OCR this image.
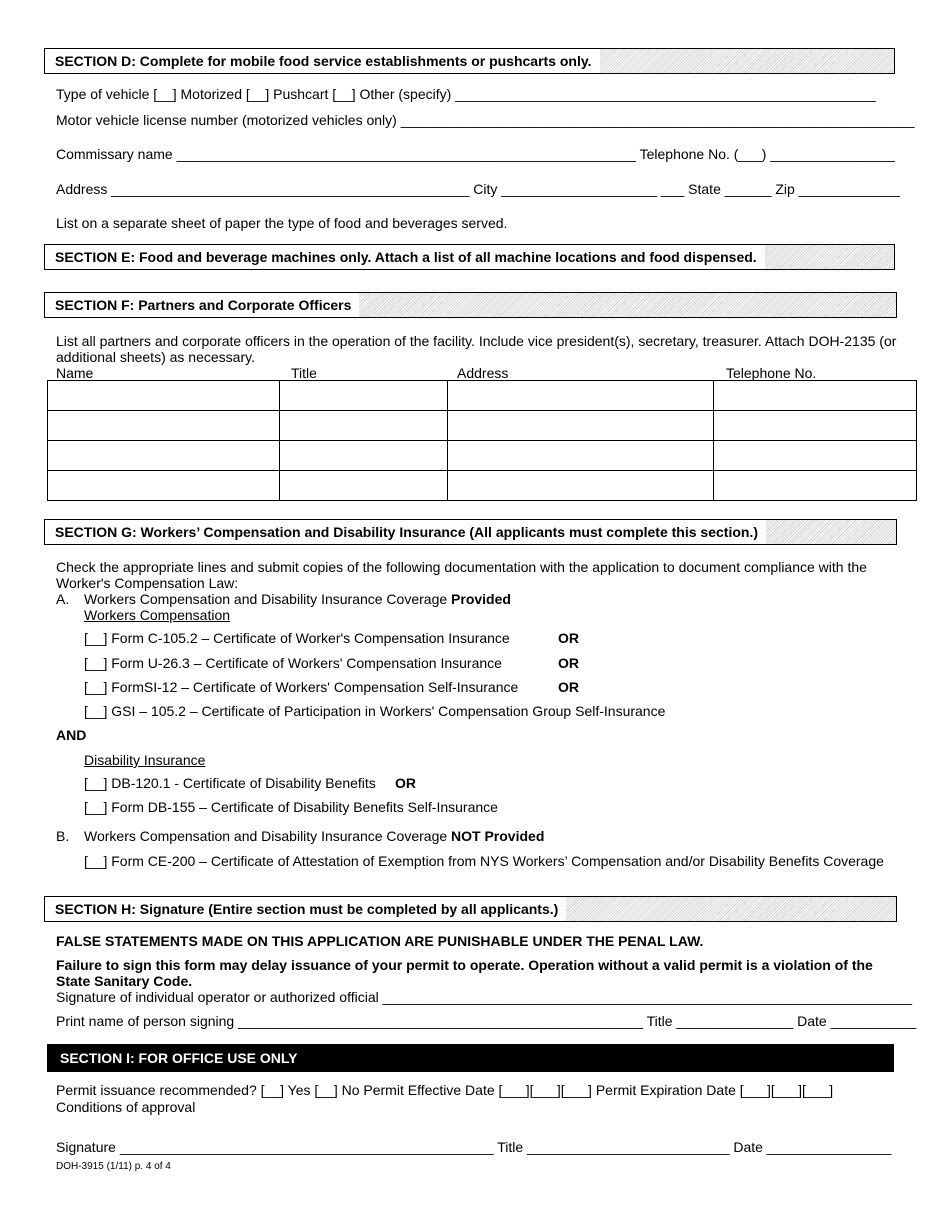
SECTION D: Complete for mobile food service establishments or pushcarts only.
Type of vehicle [__] Motorized [__] Pushcart [__] Other (specify) ______________________________________________________
Motor vehicle license number (motorized vehicles only) __________________________________________________________________
Commissary name ___________________________________________________________ Telephone No. (___) ________________
Address ______________________________________________ City ____________________ ___ State ______ Zip _____________
List on a separate sheet of paper the type of food and beverages served.
SECTION E: Food and beverage machines only. Attach a list of all machine locations and food dispensed.
SECTION F: Partners and Corporate Officers
List all partners and corporate officers in the operation of the facility. Include vice president(s), secretary, treasurer. Attach DOH-2135 (or
additional sheets) as necessary.
Name	Title	Address	Telephone No.

SECTION G: Workers’ Compensation and Disability Insurance (All applicants must complete this section.)
Check the appropriate lines and submit copies of the following documentation with the application to document compliance with the
Worker's Compensation Law:
A. Workers Compensation and Disability Insurance Coverage Provided
Workers Compensation
[__] Form C-105.2 – Certificate of Worker's Compensation Insurance	OR
[__] Form U-26.3 – Certificate of Workers' Compensation Insurance	OR
[__] FormSI-12 – Certificate of Workers' Compensation Self-Insurance	OR
[__] GSI – 105.2 – Certificate of Participation in Workers' Compensation Group Self-Insurance
AND
Disability Insurance
[__] DB-120.1 - Certificate of Disability Benefits OR
[__] Form DB-155 – Certificate of Disability Benefits Self-Insurance
B. Workers Compensation and Disability Insurance Coverage NOT Provided
[__] Form CE-200 – Certificate of Attestation of Exemption from NYS Workers’ Compensation and/or Disability Benefits Coverage
SECTION H: Signature (Entire section must be completed by all applicants.)
FALSE STATEMENTS MADE ON THIS APPLICATION ARE PUNISHABLE UNDER THE PENAL LAW.
Failure to sign this form may delay issuance of your permit to operate. Operation without a valid permit is a violation of the
State Sanitary Code.
Signature of individual operator or authorized official ____________________________________________________________________
Print name of person signing ____________________________________________________ Title _______________ Date ___________
SECTION I: FOR OFFICE USE ONLY
Permit issuance recommended? [__] Yes [__] No Permit Effective Date [___][___][___] Permit Expiration Date [___][___][___]
Conditions of approval
Signature ________________________________________________ Title __________________________ Date ________________
DOH-3915 (1/11) p. 4 of 4
